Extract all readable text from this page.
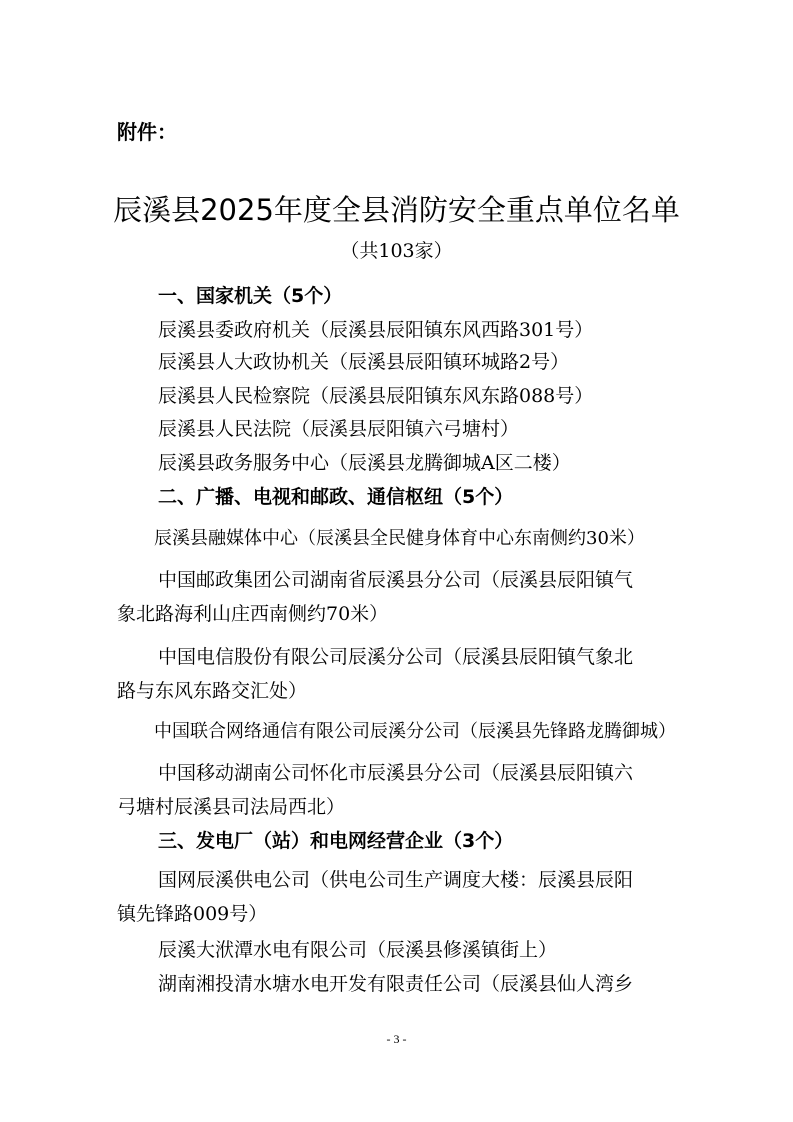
附件：
辰溪县2025年度全县消防安全重点单位名单
（共103家）
一、国家机关（5个）
辰溪县委政府机关（辰溪县辰阳镇东风西路301号）
辰溪县人大政协机关（辰溪县辰阳镇环城路2号）
辰溪县人民检察院（辰溪县辰阳镇东风东路088号）
辰溪县人民法院（辰溪县辰阳镇六弓塘村）
辰溪县政务服务中心（辰溪县龙腾御城A区二楼）
二、广播、电视和邮政、通信枢纽（5个）
辰溪县融媒体中心（辰溪县全民健身体育中心东南侧约30米）
中国邮政集团公司湖南省辰溪县分公司（辰溪县辰阳镇气
象北路海利山庄西南侧约70米）
中国电信股份有限公司辰溪分公司（辰溪县辰阳镇气象北
路与东风东路交汇处）
中国联合网络通信有限公司辰溪分公司（辰溪县先锋路龙腾御城）
中国移动湖南公司怀化市辰溪县分公司（辰溪县辰阳镇六
弓塘村辰溪县司法局西北）
三、发电厂（站）和电网经营企业（3个）
国网辰溪供电公司（供电公司生产调度大楼：辰溪县辰阳
镇先锋路009号）
辰溪大洑潭水电有限公司（辰溪县修溪镇街上）
湖南湘投清水塘水电开发有限责任公司（辰溪县仙人湾乡
- 3 -
